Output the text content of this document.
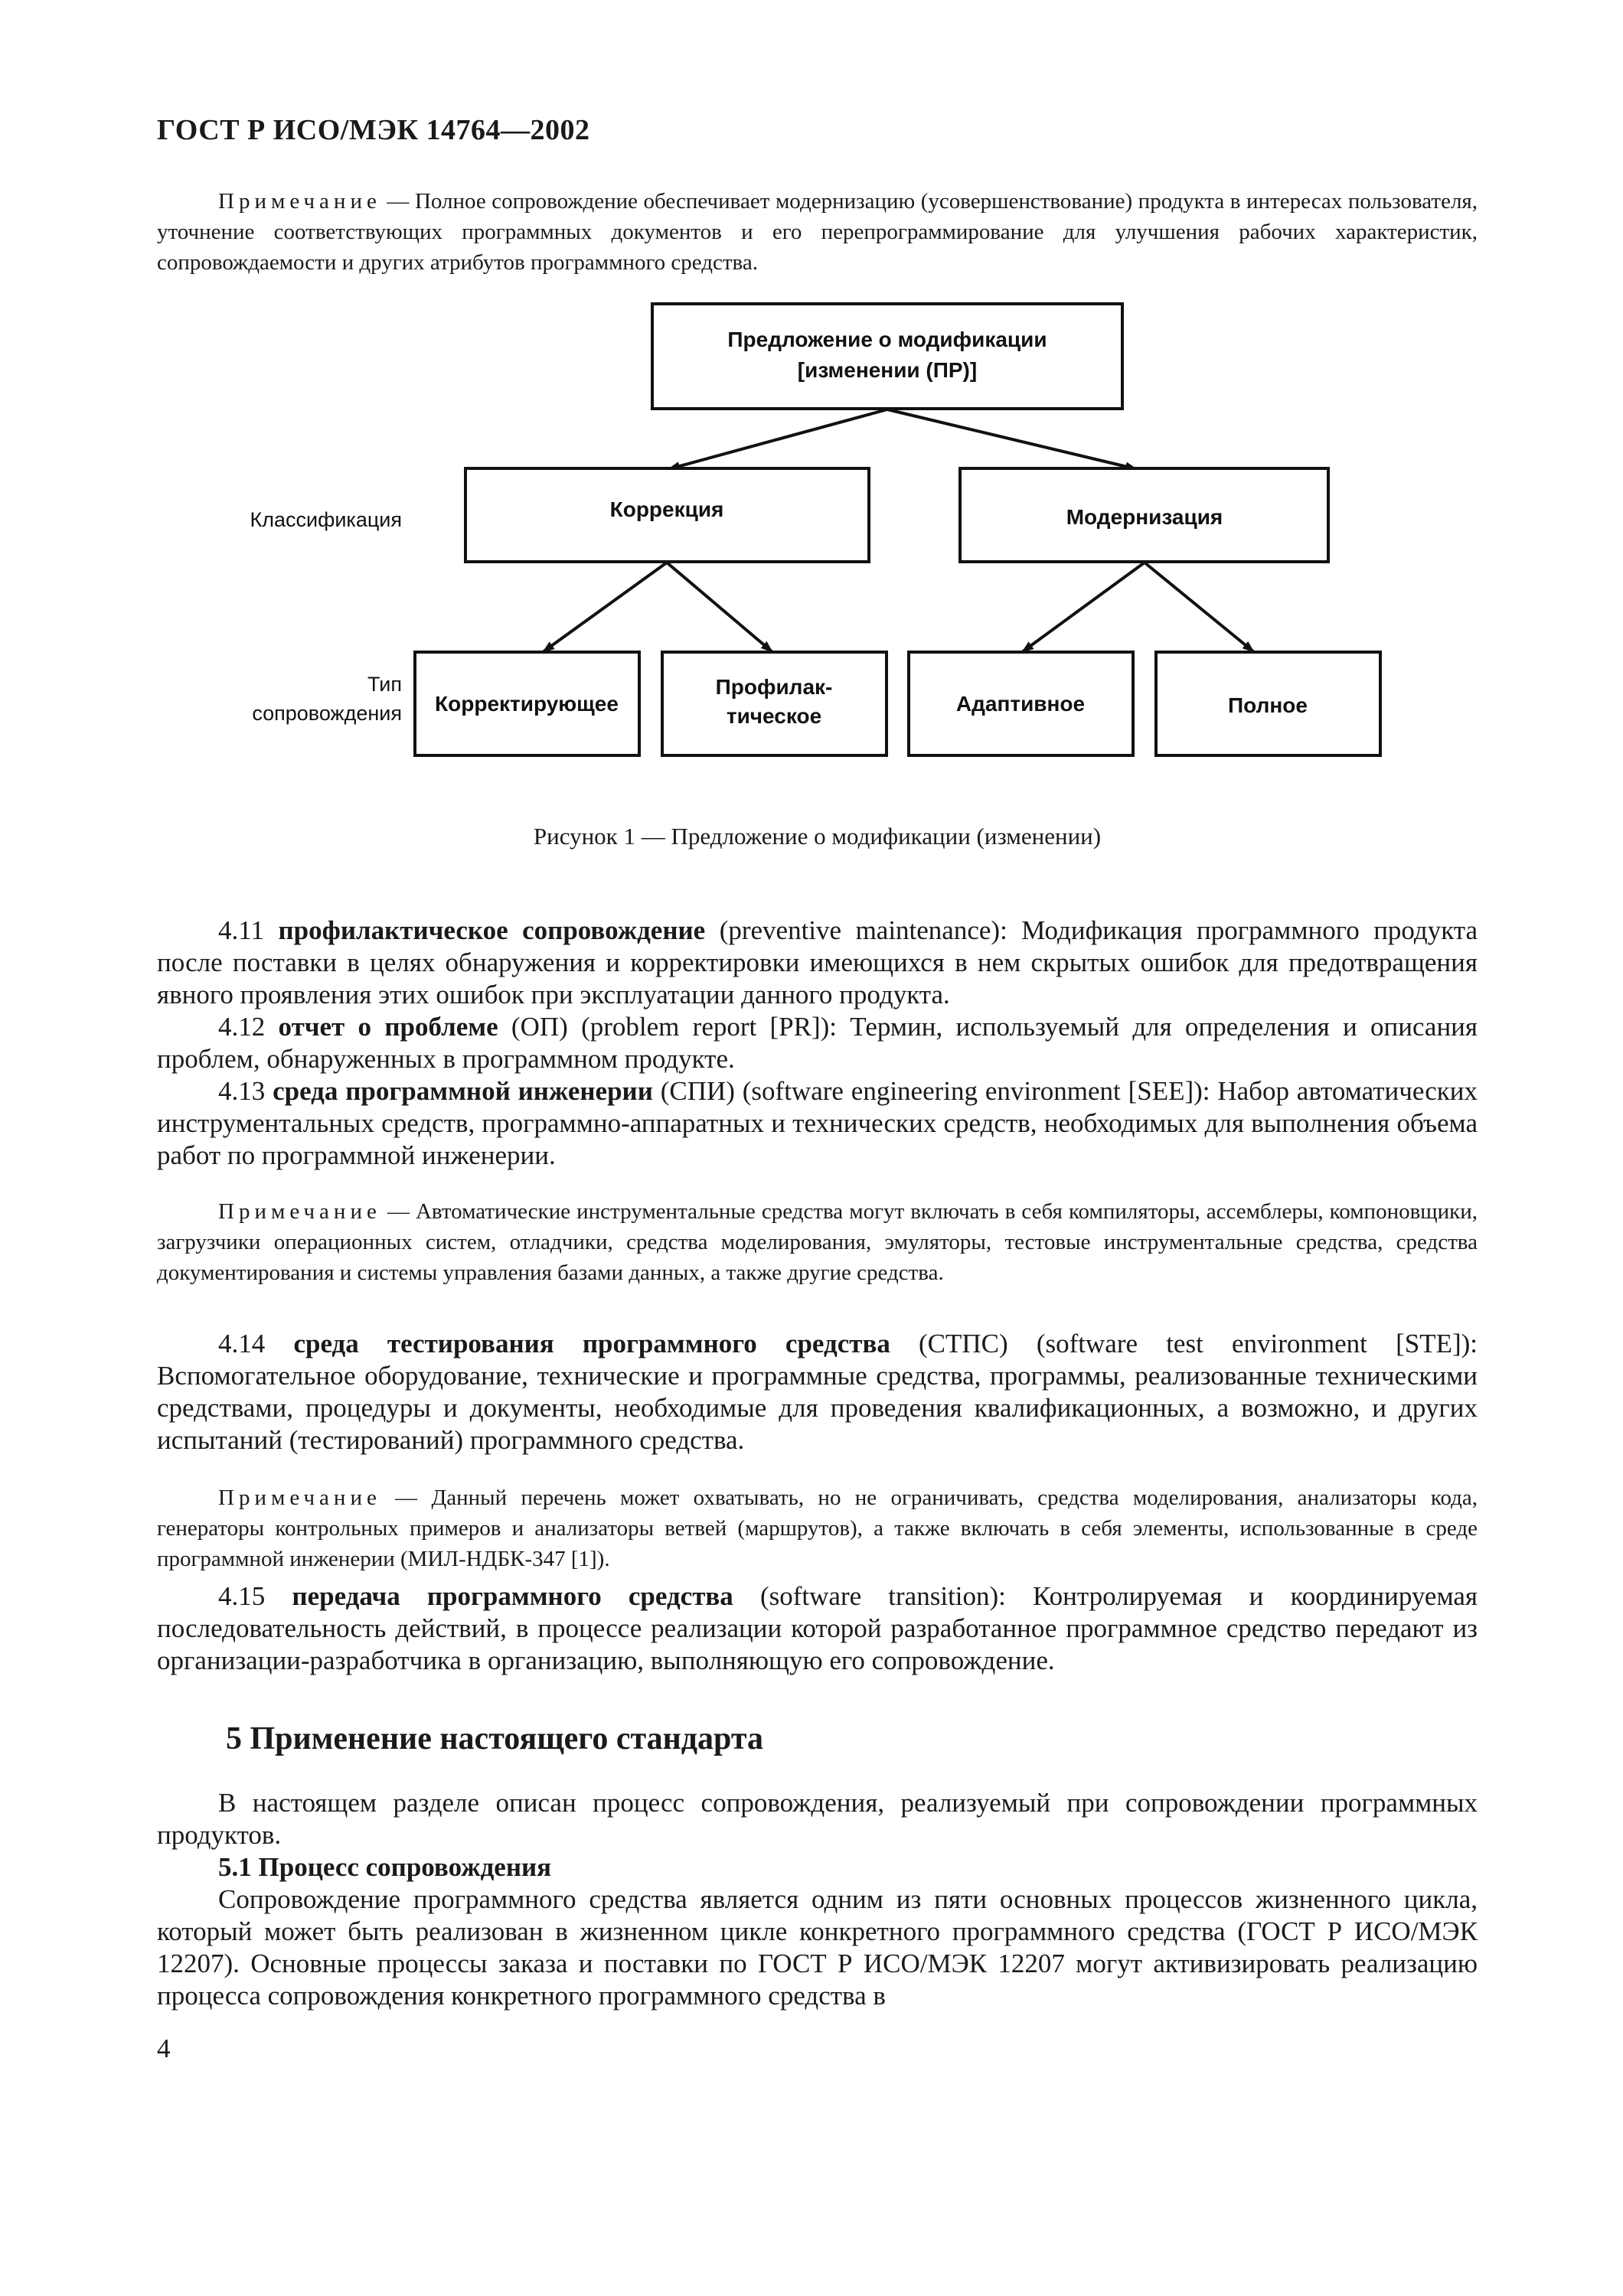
ГОСТ Р ИСО/МЭК 14764—2002
Примечание — Полное сопровождение обеспечивает модернизацию (усовершенствование) продукта в интересах пользователя, уточнение соответствующих программных документов и его перепрограммирование для улучшения рабочих характеристик, сопровождаемости и других атрибутов программного средства.
Предложение о модификации
[изменении (ПР)]
Коррекция	Модернизация
Классификация
Корректирующее
Профилак-
тическое
Адаптивное	Полное
Тип
сопровождения
Рисунок 1 — Предложение о модификации (изменении)
4.11 профилактическое сопровождение (preventive maintenance): Модификация программного продукта после поставки в целях обнаружения и корректировки имеющихся в нем скрытых ошибок для предотвращения явного проявления этих ошибок при эксплуатации данного продукта.
4.12 отчет о проблеме (ОП) (problem report [PR]): Термин, используемый для определения и описания проблем, обнаруженных в программном продукте.
4.13 среда программной инженерии (СПИ) (software engineering environment [SEE]): Набор автоматических инструментальных средств, программно-аппаратных и технических средств, необходимых для выполнения объема работ по программной инженерии.
Примечание — Автоматические инструментальные средства могут включать в себя компиляторы, ассемблеры, компоновщики, загрузчики операционных систем, отладчики, средства моделирования, эмуляторы, тестовые инструментальные средства, средства документирования и системы управления базами данных, а также другие средства.
4.14 среда тестирования программного средства (СТПС) (software test environment [STE]): Вспомогательное оборудование, технические и программные средства, программы, реализованные техническими средствами, процедуры и документы, необходимые для проведения квалификационных, а возможно, и других испытаний (тестирований) программного средства.
Примечание — Данный перечень может охватывать, но не ограничивать, средства моделирования, анализаторы кода, генераторы контрольных примеров и анализаторы ветвей (маршрутов), а также включать в себя элементы, использованные в среде программной инженерии (МИЛ-НДБК-347 [1]).
4.15 передача программного средства (software transition): Контролируемая и координируемая последовательность действий, в процессе реализации которой разработанное программное средство передают из организации-разработчика в организацию, выполняющую его сопровождение.
5 Применение настоящего стандарта
В настоящем разделе описан процесс сопровождения, реализуемый при сопровождении программных продуктов.
5.1 Процесс сопровождения
Сопровождение программного средства является одним из пяти основных процессов жизненного цикла, который может быть реализован в жизненном цикле конкретного программного средства (ГОСТ Р ИСО/МЭК 12207). Основные процессы заказа и поставки по ГОСТ Р ИСО/МЭК 12207 могут активизировать реализацию процесса сопровождения конкретного программного средства в
4
